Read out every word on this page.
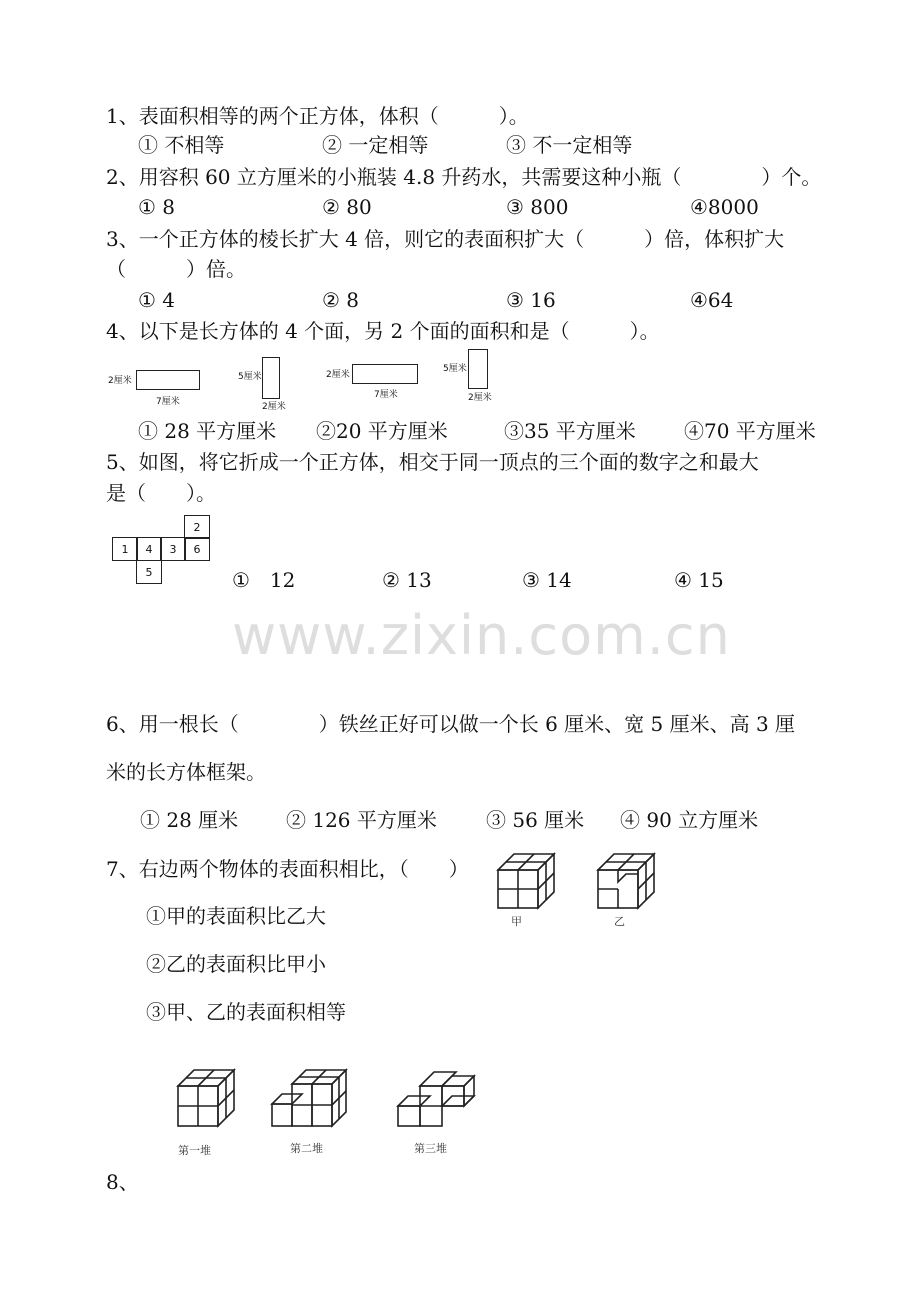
www.zixin.com.cn
1、表面积相等的两个正方体，体积（　　　）。
① 不相等	② 一定相等	③ 不一定相等
2、用容积 60 立方厘米的小瓶装 4.8 升药水，共需要这种小瓶（　　　　）个。
① 8	② 80	③ 800	④8000
3、一个正方体的棱长扩大 4 倍，则它的表面积扩大（　　　）倍，体积扩大
（　　　）倍。
① 4	② 8	③ 16	④64
4、以下是长方体的 4 个面，另 2 个面的面积和是（　　　）。
2厘米
7厘米
5厘米
2厘米
2厘米
7厘米
5厘米
2厘米
① 28 平方厘米 ②20 平方厘米	③35 平方厘米 ④70 平方厘米
5、如图，将它折成一个正方体，相交于同一顶点的三个面的数字之和最大
是（　　）。
1	4	3	6
2
5	①　12	② 13	③ 14	④ 15
6、用一根长（　　　　）铁丝正好可以做一个长 6 厘米、宽 5 厘米、高 3 厘
米的长方体框架。
① 28 厘米 ② 126 平方厘米 ③ 56 厘米 ④ 90 立方厘米
7、右边两个物体的表面积相比，（　　）
①甲的表面积比乙大
②乙的表面积比甲小
③甲、乙的表面积相等
甲	乙
第一堆	第二堆	第三堆
8、
